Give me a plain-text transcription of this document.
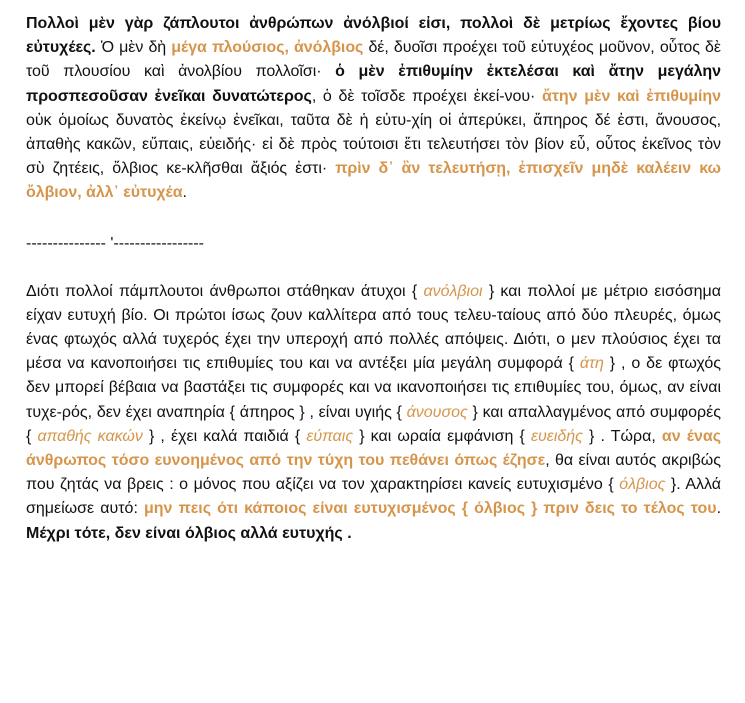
Πολλοὶ μὲν γὰρ ζάπλουτοι ἀνθρώπων ἀνόλβιοί εἰσι, πολλοὶ δὲ μετρίως ἔχοντες βίου εὐτυχέες. Ὁ μὲν δὴ μέγα πλούσιος, ἀνόλβιος δέ, δυοῖσι προέχει τοῦ εὐτυχέος μοῦνον, οὗτος δὲ τοῦ πλουσίου καὶ ἀνολβίου πολλοῖσι· ὁ μὲν ἐπιθυμίην ἐκτελέσαι καὶ ἄτην μεγάλην προσπεσοῦσαν ἐνεῖκαι δυνατώτερος, ὁ δὲ τοῖσδε προέχει ἐκεί-νου· ἄτην μὲν καὶ ἐπιθυμίην οὐκ ὁμοίως δυνατὸς ἐκείνῳ ἐνεῖκαι, ταῦτα δὲ ἡ εὐτυ-χίη οἱ ἀπερύκει, ἄπηρος δέ ἐστι, ἄνουσος, ἀπαθὴς κακῶν, εὔπαις, εὐειδής· εἰ δὲ πρὸς τούτοισι ἔτι τελευτήσει τὸν βίον εὖ, οὗτος ἐκεῖνος τὸν σὺ ζητέεις, ὄλβιος κε-κλῆσθαι ἄξιός ἐστι· πρὶν δ᾽ ἂν τελευτήσῃ, ἐπισχεῖν μηδὲ καλέειν κω ὄλβιον, ἀλλ᾽ εὐτυχέα.

--------------- '-----------------

Διότι πολλοί πάμπλουτοι άνθρωποι στάθηκαν άτυχοι { ανόλβιοι } και πολλοί με μέτριο εισόσημα είχαν ευτυχή βίο. Οι πρώτοι ίσως ζουν καλλίτερα από τους τελευ-ταίους από δύο πλευρές, όμως ένας φτωχός αλλά τυχερός έχει την υπεροχή από πολλές απόψεις. Διότι, ο μεν πλούσιος έχει τα μέσα να κανοποιήσει τις επιθυμίες του και να αντέξει μία μεγάλη συμφορά { άτη } , ο δε φτωχός δεν μπορεί βέβαια να βαστάξει τις συμφορές και να ικανοποιήσει τις επιθυμίες του, όμως, αν είναι τυχε-ρός, δεν έχει αναπηρία { άπηρος } , είναι υγιής { άνουσος } και απαλλαγμένος από συμφορές { απαθής κακών } , έχει καλά παιδιά { εύπαις } και ωραία εμφάνιση { ευειδής } . Τώρα, αν ένας άνθρωπος τόσο ευνοημένος από την τύχη του πεθάνει όπως έζησε, θα είναι αυτός ακριβώς που ζητάς να βρεις : ο μόνος που αξίζει να τον χαρακτηρίσει κανείς ευτυχισμένο { όλβιος }. Αλλά σημείωσε αυτό: μην πεις ότι κάποιος είναι ευτυχισμένος { όλβιος } πριν δεις το τέλος του. Μέχρι τότε, δεν είναι όλβιος αλλά ευτυχής .
